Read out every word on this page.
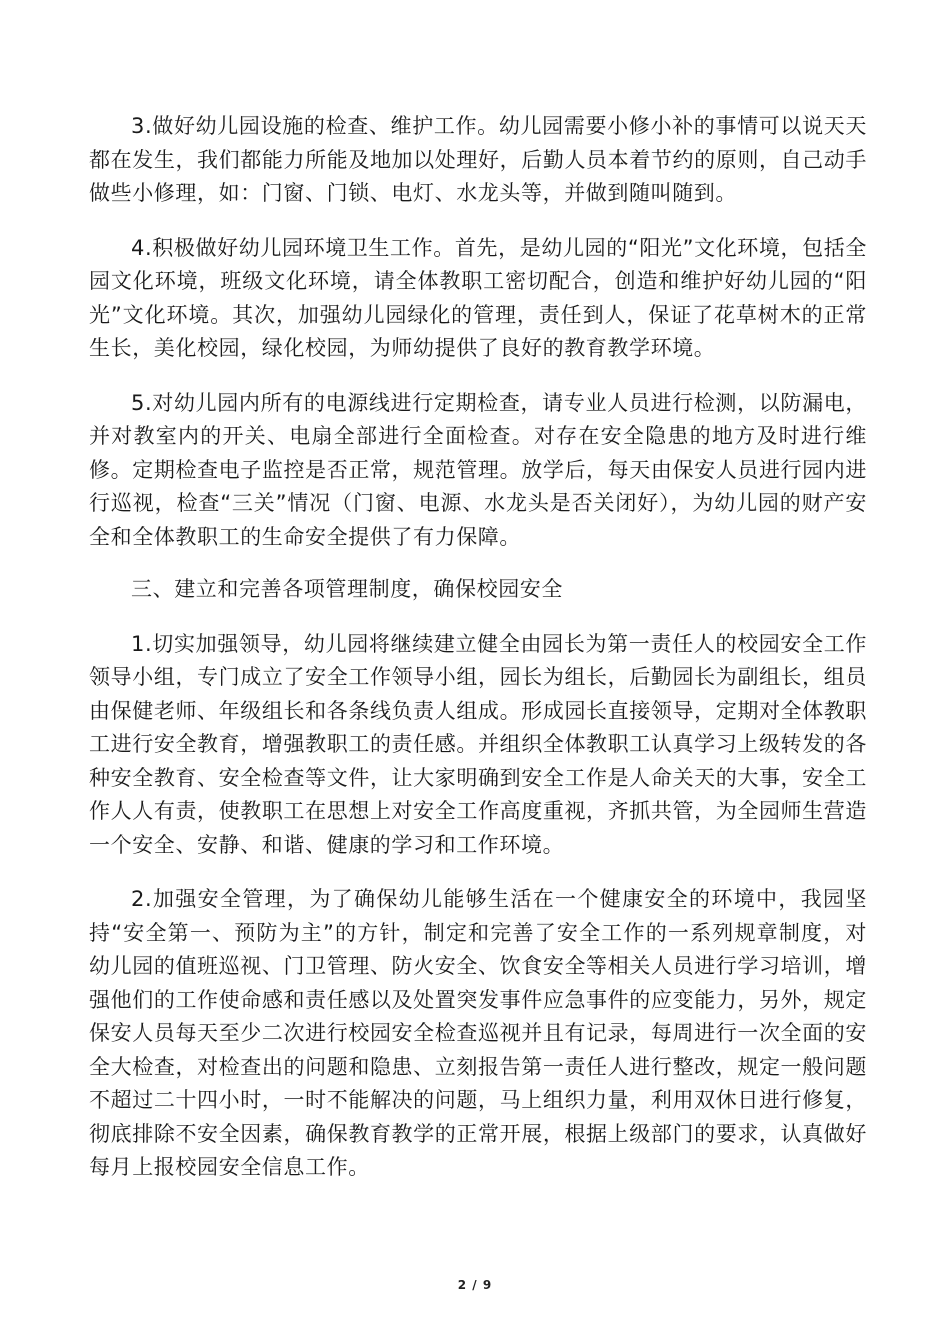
3.做好幼儿园设施的检查、维护工作。幼儿园需要小修小补的事情可以说天天都在发生，我们都能力所能及地加以处理好，后勤人员本着节约的原则，自己动手做些小修理，如：门窗、门锁、电灯、水龙头等，并做到随叫随到。

4.积极做好幼儿园环境卫生工作。首先，是幼儿园的“阳光”文化环境，包括全园文化环境，班级文化环境，请全体教职工密切配合，创造和维护好幼儿园的“阳光”文化环境。其次，加强幼儿园绿化的管理，责任到人，保证了花草树木的正常生长，美化校园，绿化校园，为师幼提供了良好的教育教学环境。

5.对幼儿园内所有的电源线进行定期检查，请专业人员进行检测，以防漏电，并对教室内的开关、电扇全部进行全面检查。对存在安全隐患的地方及时进行维修。定期检查电子监控是否正常，规范管理。放学后，每天由保安人员进行园内进行巡视，检查“三关”情况（门窗、电源、水龙头是否关闭好），为幼儿园的财产安全和全体教职工的生命安全提供了有力保障。

三、建立和完善各项管理制度，确保校园安全

1.切实加强领导，幼儿园将继续建立健全由园长为第一责任人的校园安全工作领导小组，专门成立了安全工作领导小组，园长为组长，后勤园长为副组长，组员由保健老师、年级组长和各条线负责人组成。形成园长直接领导，定期对全体教职工进行安全教育，增强教职工的责任感。并组织全体教职工认真学习上级转发的各种安全教育、安全检查等文件，让大家明确到安全工作是人命关天的大事，安全工作人人有责，使教职工在思想上对安全工作高度重视，齐抓共管，为全园师生营造一个安全、安静、和谐、健康的学习和工作环境。

2.加强安全管理，为了确保幼儿能够生活在一个健康安全的环境中，我园坚持“安全第一、预防为主”的方针，制定和完善了安全工作的一系列规章制度，对幼儿园的值班巡视、门卫管理、防火安全、饮食安全等相关人员进行学习培训，增强他们的工作使命感和责任感以及处置突发事件应急事件的应变能力，另外，规定保安人员每天至少二次进行校园安全检查巡视并且有记录，每周进行一次全面的安全大检查，对检查出的问题和隐患、立刻报告第一责任人进行整改，规定一般问题不超过二十四小时，一时不能解决的问题，马上组织力量，利用双休日进行修复，彻底排除不安全因素，确保教育教学的正常开展，根据上级部门的要求，认真做好每月上报校园安全信息工作。

2 / 9
